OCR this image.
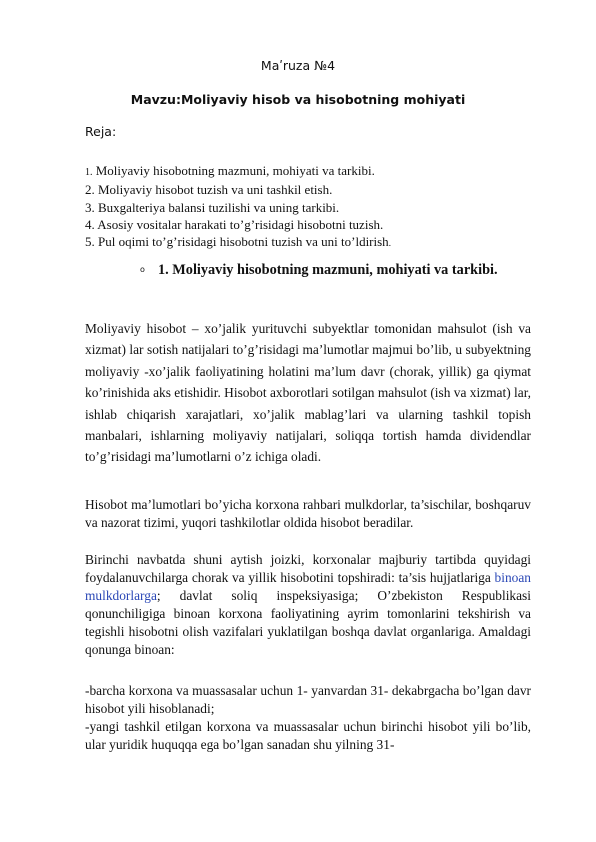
Maʹruza №4
Mavzu:Moliyaviy hisob va hisobotning mohiyati
Reja:
1. Moliyaviy hisobotning mazmuni, mohiyati va tarkibi.
2. Moliyaviy hisobot tuzish va uni tashkil etish.
3. Buxgalteriya balansi tuzilishi va uning tarkibi.
4. Asosiy vositalar harakati to’g’risidagi hisobotni tuzish.
5. Pul oqimi to’g’risidagi hisobotni tuzish va uni to’ldirish.
o 1. Moliyaviy hisobotning mazmuni, mohiyati va tarkibi.

Moliyaviy hisobot – xo’jalik yurituvchi subyektlar tomonidan mahsulot (ish va xizmat) lar sotish natijalari to’g’risidagi ma’lumotlar majmui bo’lib, u subyektning moliyaviy -xo’jalik faoliyatining holatini ma’lum davr (chorak, yillik) ga qiymat ko’rinishida aks etishidir. Hisobot axborotlari sotilgan mahsulot (ish va xizmat) lar, ishlab chiqarish xarajatlari, xo’jalik mablag’lari va ularning tashkil topish manbalari, ishlarning moliyaviy natijalari, soliqqa tortish hamda dividendlar to’g’risidagi ma’lumotlarni o’z ichiga oladi.

Hisobot ma’lumotlari bo’yicha korxona rahbari mulkdorlar, ta’sischilar, boshqaruv va nazorat tizimi, yuqori tashkilotlar oldida hisobot beradilar.

Birinchi navbatda shuni aytish joizki, korxonalar majburiy tartibda quyidagi foydalanuvchilarga chorak va yillik hisobotini topshiradi: ta’sis hujjatlariga binoan mulkdorlarga; davlat soliq inspeksiyasiga; O’zbekiston Respublikasi qonunchiligiga binoan korxona faoliyatining ayrim tomonlarini tekshirish va tegishli hisobotni olish vazifalari yuklatilgan boshqa davlat organlariga. Amaldagi qonunga binoan:

-barcha korxona va muassasalar uchun 1- yanvardan 31- dekabrgacha bo’lgan davr hisobot yili hisoblanadi;
-yangi tashkil etilgan korxona va muassasalar uchun birinchi hisobot yili bo’lib, ular yuridik huquqqa ega bo’lgan sanadan shu yilning 31-
